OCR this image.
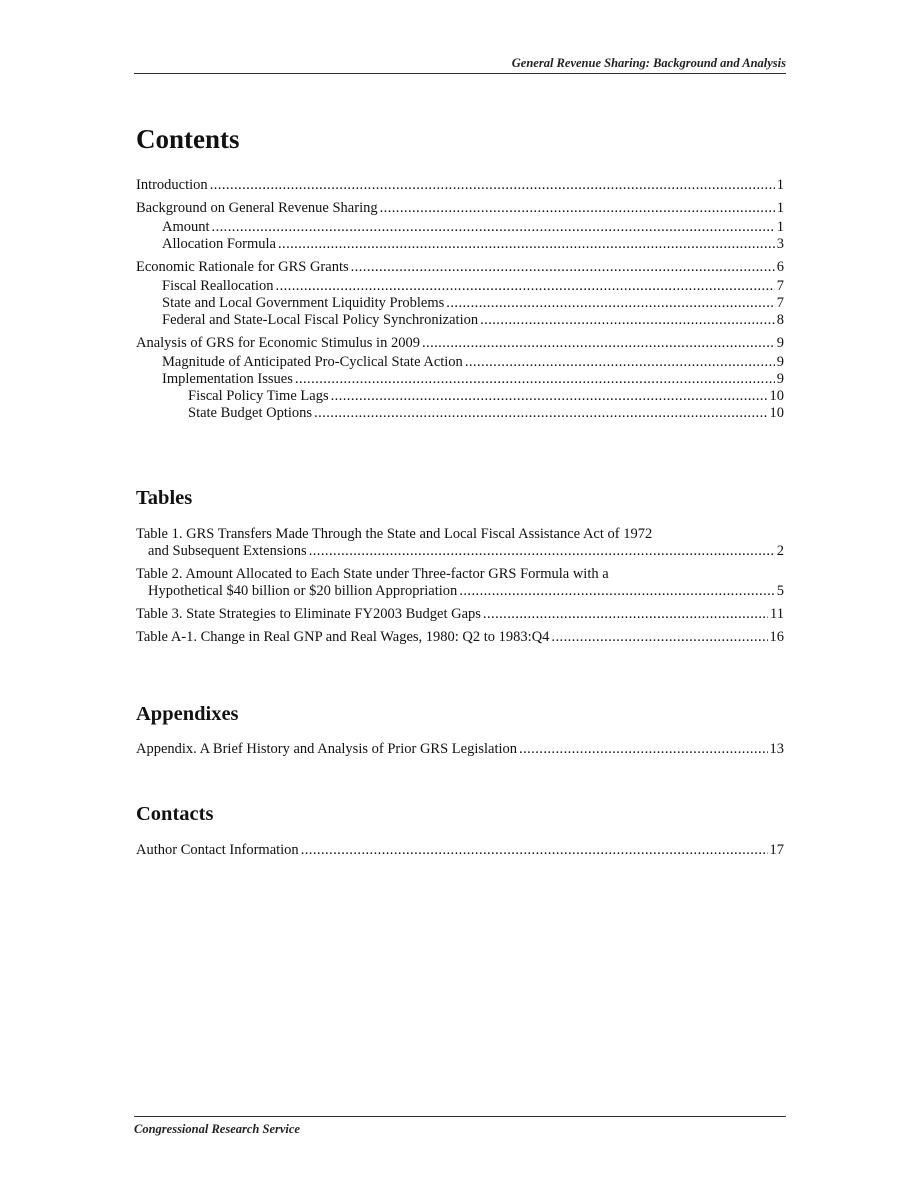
General Revenue Sharing: Background and Analysis
Contents
Introduction . . .	1
Background on General Revenue Sharing . . .	1
Amount . . .	1
Allocation Formula . . .	3
Economic Rationale for GRS Grants . . .	6
Fiscal Reallocation . . .	7
State and Local Government Liquidity Problems . . .	7
Federal and State-Local Fiscal Policy Synchronization . . .	8
Analysis of GRS for Economic Stimulus in 2009 . . .	9
Magnitude of Anticipated Pro-Cyclical State Action . . .	9
Implementation Issues . . .	9
Fiscal Policy Time Lags . . .	10
State Budget Options . . .	10
Tables
Table 1. GRS Transfers Made Through the State and Local Fiscal Assistance Act of 1972
and Subsequent Extensions . . .	2
Table 2. Amount Allocated to Each State under Three-factor GRS Formula with a
Hypothetical $40 billion or $20 billion Appropriation . . .	5
Table 3. State Strategies to Eliminate FY2003 Budget Gaps . . .	11
Table A-1. Change in Real GNP and Real Wages, 1980: Q2 to 1983:Q4 . . .	16
Appendixes
Appendix. A Brief History and Analysis of Prior GRS Legislation . . .	13
Contacts
Author Contact Information . . .	17
Congressional Research Service
